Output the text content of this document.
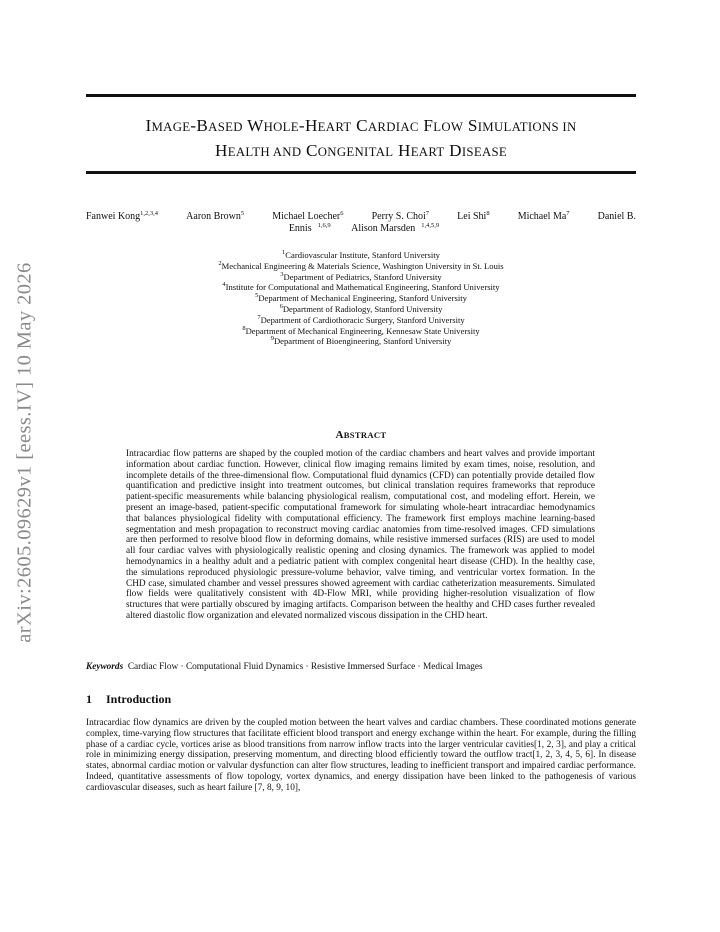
arXiv:2605.09629v1 [eess.IV] 10 May 2026
IMAGE-BASED WHOLE-HEART CARDIAC FLOW SIMULATIONS IN
HEALTH AND CONGENITAL HEART DISEASE
Fanwei Kong$^{1,2,3,4}$	Aaron Brown$^5$	Michael Loecher$^6$	Perry S. Choi$^7$	Lei Shi$^8$	Michael Ma$^7$	Daniel B.
Ennis $^{1,6,9}$ Alison Marsden $^{1,4,5,9}$
$^1$Cardiovascular Institute, Stanford University
$^2$Mechanical Engineering & Materials Science, Washington University in St. Louis
$^3$Department of Pediatrics, Stanford University
$^4$Institute for Computational and Mathematical Engineering, Stanford University
$^5$Department of Mechanical Engineering, Stanford University
$^6$Department of Radiology, Stanford University
$^7$Department of Cardiothoracic Surgery, Stanford University
$^8$Department of Mechanical Engineering, Kennesaw State University
$^9$Department of Bioengineering, Stanford University
ABSTRACT
Intracardiac flow patterns are shaped by the coupled motion of the cardiac chambers and heart valves and provide important information about cardiac function. However, clinical flow imaging remains limited by exam times, noise, resolution, and incomplete details of the three-dimensional flow. Computational fluid dynamics (CFD) can potentially provide detailed flow quantification and predictive insight into treatment outcomes, but clinical translation requires frameworks that reproduce patient-specific measurements while balancing physiological realism, computational cost, and modeling effort. Herein, we present an image-based, patient-specific computational framework for simulating whole-heart intracardiac hemodynamics that balances physiological fidelity with computational efficiency. The framework first employs machine learning-based segmentation and mesh propagation to reconstruct moving cardiac anatomies from time-resolved images. CFD simulations are then performed to resolve blood flow in deforming domains, while resistive immersed surfaces (RIS) are used to model all four cardiac valves with physiologically realistic opening and closing dynamics. The framework was applied to model hemodynamics in a healthy adult and a pediatric patient with complex congenital heart disease (CHD). In the healthy case, the simulations reproduced physiologic pressure-volume behavior, valve timing, and ventricular vortex formation. In the CHD case, simulated chamber and vessel pressures showed agreement with cardiac catheterization measurements. Simulated flow fields were qualitatively consistent with 4D-Flow MRI, while providing higher-resolution visualization of flow structures that were partially obscured by imaging artifacts. Comparison between the healthy and CHD cases further revealed altered diastolic flow organization and elevated normalized viscous dissipation in the CHD heart.
Keywords Cardiac Flow · Computational Fluid Dynamics · Resistive Immersed Surface · Medical Images
1 Introduction
Intracardiac flow dynamics are driven by the coupled motion between the heart valves and cardiac chambers. These coordinated motions generate complex, time-varying flow structures that facilitate efficient blood transport and energy exchange within the heart. For example, during the filling phase of a cardiac cycle, vortices arise as blood transitions from narrow inflow tracts into the larger ventricular cavities[1, 2, 3], and play a critical role in minimizing energy dissipation, preserving momentum, and directing blood efficiently toward the outflow tract[1, 2, 3, 4, 5, 6]. In disease states, abnormal cardiac motion or valvular dysfunction can alter flow structures, leading to inefficient transport and impaired cardiac performance. Indeed, quantitative assessments of flow topology, vortex dynamics, and energy dissipation have been linked to the pathogenesis of various cardiovascular diseases, such as heart failure [7, 8, 9, 10],
